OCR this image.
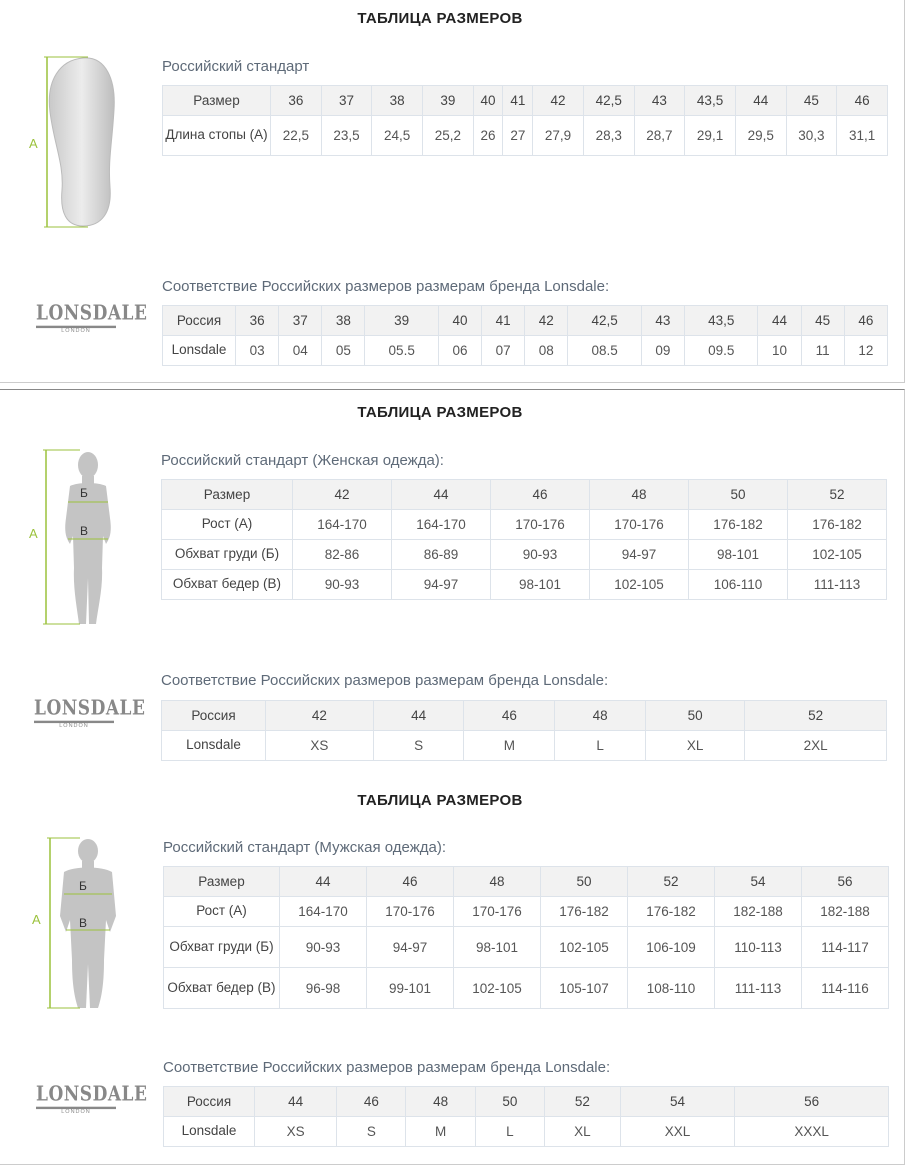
ТАБЛИЦА РАЗМЕРОВ
А
Российский стандарт
Размер	36	37	38	39	40	41	42	42,5	43	43,5	44	45	46
Длина стопы (А)	22,5	23,5	24,5	25,2	26	27	27,9	28,3	28,7	29,1	29,5	30,3	31,1
LONSDALE
LONDON
Соответствие Российских размеров размерам бренда Lonsdale:
Россия	36	37	38	39	40	41	42	42,5	43	43,5	44	45	46
Lonsdale	03	04	05	05.5	06	07	08	08.5	09	09.5	10	11	12
ТАБЛИЦА РАЗМЕРОВ
А
Б
В
Российский стандарт (Женская одежда):
Размер	42	44	46	48	50	52
Рост (А)	164-170	164-170	170-176	170-176	176-182	176-182
Обхват груди (Б)	82-86	86-89	90-93	94-97	98-101	102-105
Обхват бедер (В)	90-93	94-97	98-101	102-105	106-110	111-113
LONSDALE
LONDON
Соответствие Российских размеров размерам бренда Lonsdale:
Россия	42	44	46	48	50	52
Lonsdale	XS	S	M	L	XL	2XL
ТАБЛИЦА РАЗМЕРОВ
А
Б
В
Российский стандарт (Мужская одежда):
Размер	44	46	48	50	52	54	56
Рост (А)	164-170	170-176	170-176	176-182	176-182	182-188	182-188
Обхват груди (Б)	90-93	94-97	98-101	102-105	106-109	110-113	114-117
Обхват бедер (В)	96-98	99-101	102-105	105-107	108-110	111-113	114-116
LONSDALE
LONDON
Соответствие Российских размеров размерам бренда Lonsdale:
Россия	44	46	48	50	52	54	56
Lonsdale	XS	S	M	L	XL	XXL	XXXL
